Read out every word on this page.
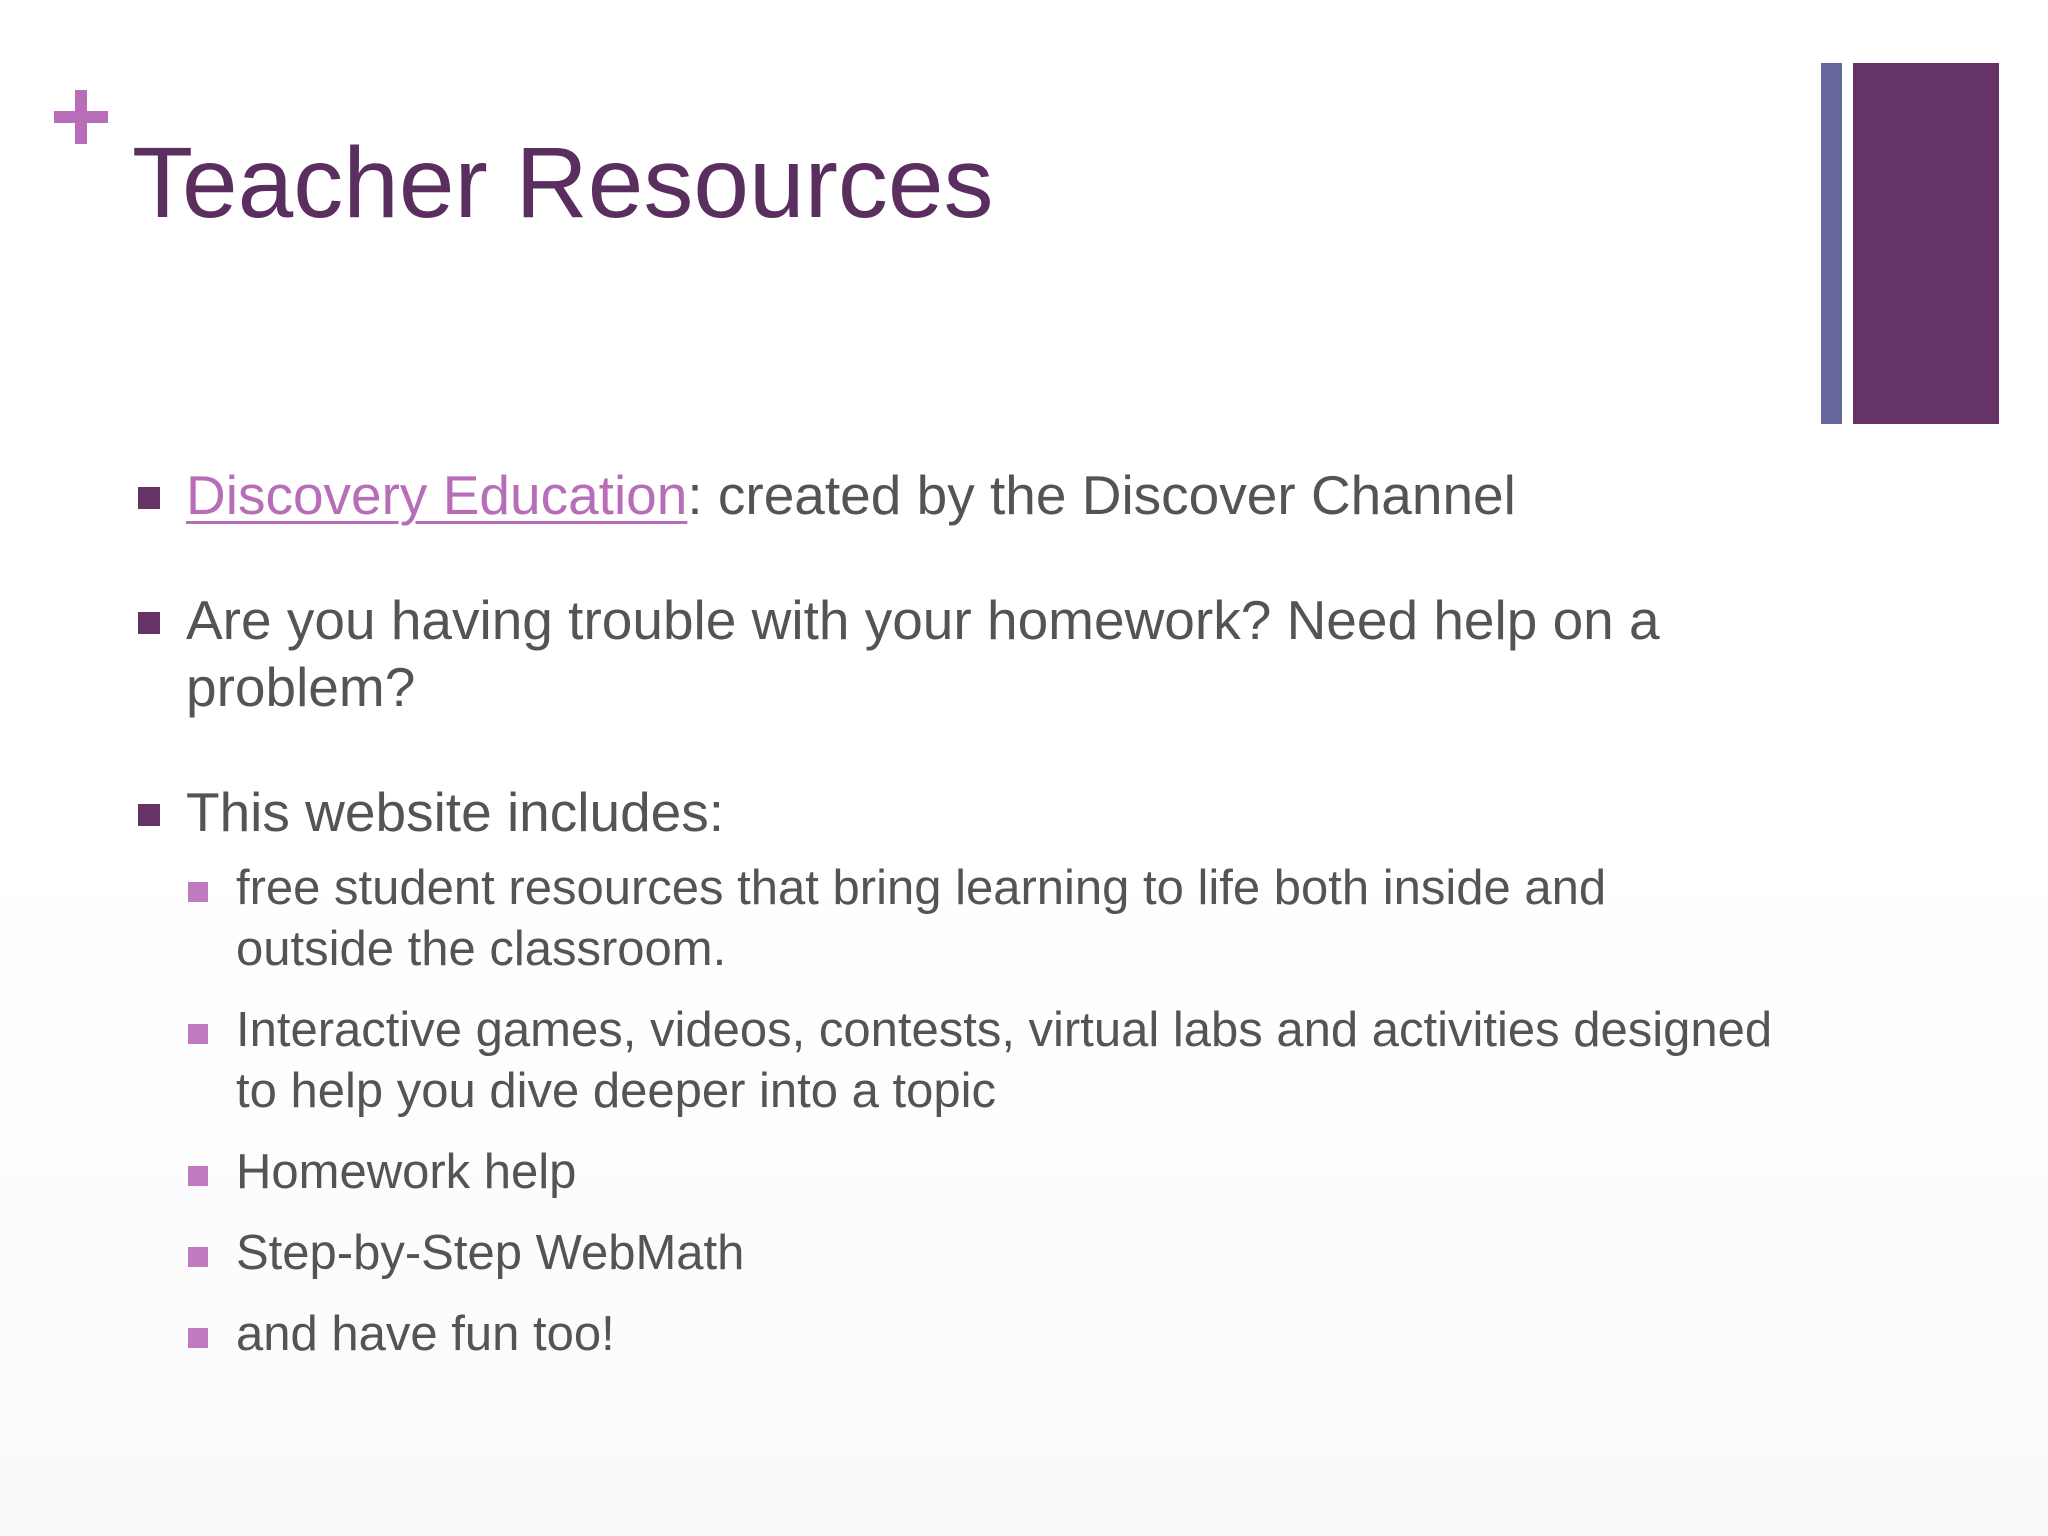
Teacher Resources
Discovery Education: created by the Discover Channel
Are you having trouble with your homework? Need help on a problem?
This website includes:
free student resources that bring learning to life both inside and outside the classroom.
Interactive games, videos, contests, virtual labs and activities designed to help you dive deeper into a topic
Homework help
Step-by-Step WebMath
and have fun too!
